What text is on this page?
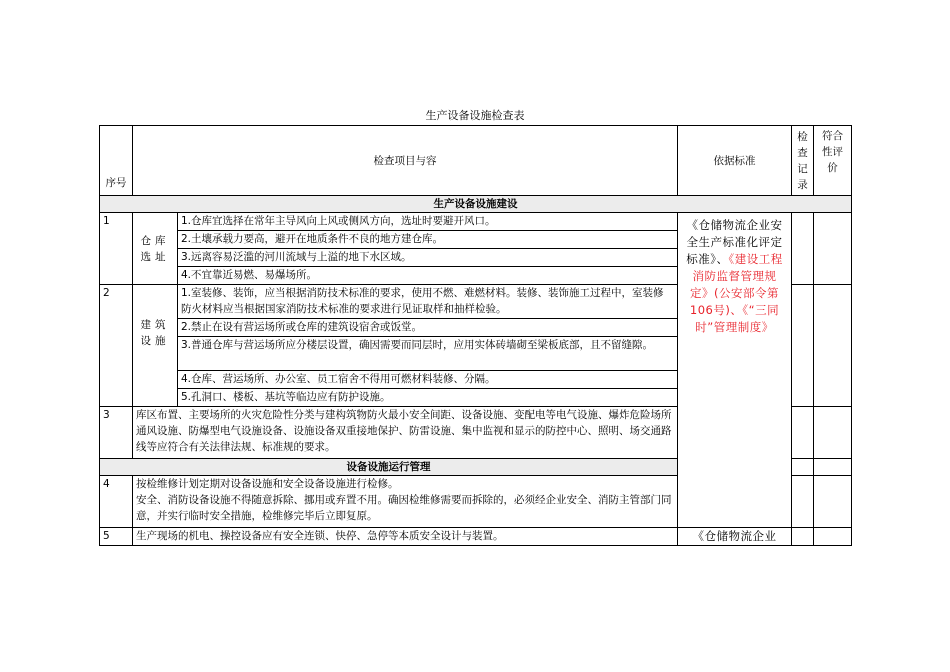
生产设备设施检查表
序号	检查项目与容		依据标准	检查记录	符合性评价
生产设备设施建设					
1	仓库选址	1.仓库宜选择在常年主导风向上风或侧风方向，选址时要避开风口。	《仓储物流企业安全生产标准化评定标准》、《建设工程消防监督管理规定》(公安部令第106号)、《“三同时”管理制度》		
		2.土壤承载力要高，避开在地质条件不良的地方建仓库。			
		3.远离容易泛滥的河川流域与上溢的地下水区域。			
		4.不宜靠近易燃、易爆场所。			
2	建筑设施	1.室装修、装饰，应当根据消防技术标准的要求，使用不燃、难燃材料。装修、装饰施工过程中，室装修防火材料应当根据国家消防技术标准的要求进行见证取样和抽样检验。			
		2.禁止在设有营运场所或仓库的建筑设宿舍或饭堂。			
		3.普通仓库与营运场所应分楼层设置，确因需要而同层时，应用实体砖墙砌至梁板底部，且不留缝隙。			
		4.仓库、营运场所、办公室、员工宿舍不得用可燃材料装修、分隔。			
		5.孔洞口、楼板、基坑等临边应有防护设施。			
3	库区布置、主要场所的火灾危险性分类与建构筑物防火最小安全间距、设备设施、变配电等电气设施、爆炸危险场所通风设施、防爆型电气设施设备、设施设备双重接地保护、防雷设施、集中监视和显示的防控中心、照明、场交通路线等应符合有关法律法规、标准规的要求。				
设备设施运行管理					
4	按检维修计划定期对设备设施和安全设备设施进行检修。
安全、消防设备设施不得随意拆除、挪用或弃置不用。确因检维修需要而拆除的，必须经企业安全、消防主管部门同意，并实行临时安全措施，检维修完毕后立即复原。				

5	生产现场的机电、操控设备应有安全连锁、快停、急停等本质安全设计与装置。		《仓储物流企业		
